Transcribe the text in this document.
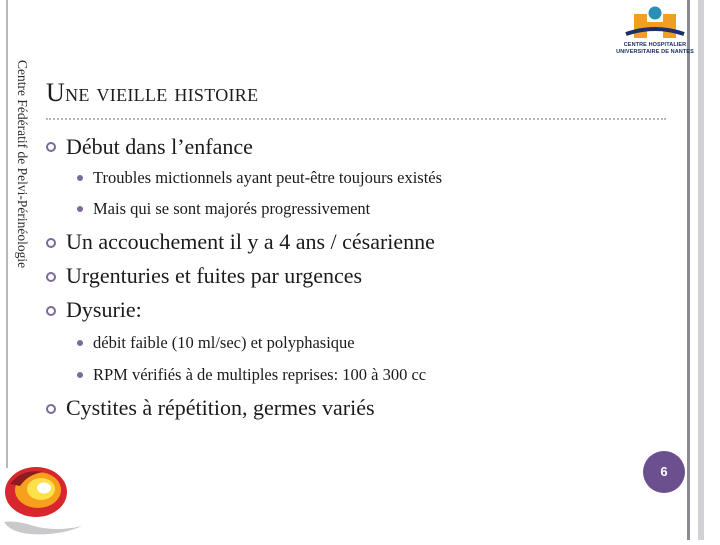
Centre Fédératif de Pelvi-Périnéologie
CENTRE HOSPITALIER
UNIVERSITAIRE DE NANTES
Une vieille histoire
Début dans l’enfance
Troubles mictionnels ayant peut-être toujours existés
Mais qui se sont majorés progressivement
Un accouchement il y a 4 ans / césarienne
Urgenturies et fuites par urgences
Dysurie:
débit faible (10 ml/sec) et polyphasique
RPM vérifiés à de multiples reprises: 100 à 300 cc
Cystites à répétition, germes variés
6
